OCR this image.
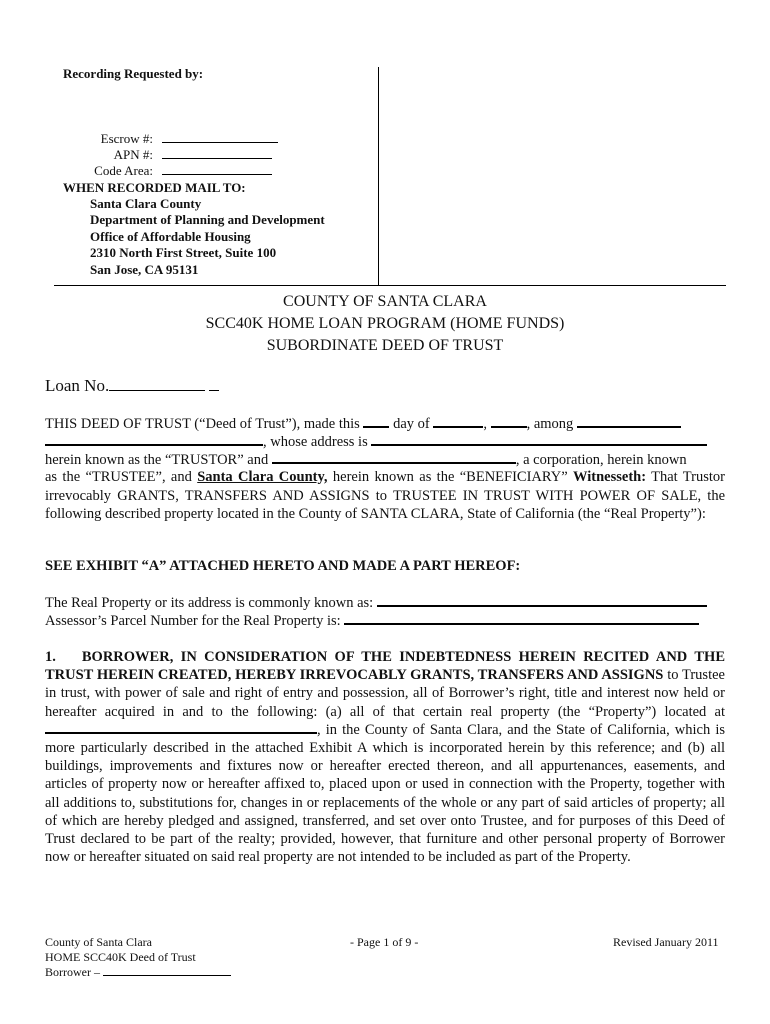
Recording Requested by:
Escrow #:
APN #:
Code Area:
WHEN RECORDED MAIL TO:
Santa Clara County
Department of Planning and Development
Office of Affordable Housing
2310 North First Street, Suite 100
San Jose, CA 95131
COUNTY OF SANTA CLARA
SCC40K HOME LOAN PROGRAM (HOME FUNDS)
SUBORDINATE DEED OF TRUST
Loan No.
THIS DEED OF TRUST (“Deed of Trust”), made this day of	,	, among
, whose address is
herein known as the “TRUSTOR” and	, a corporation, herein known
as the “TRUSTEE”, and Santa Clara County, herein known as the “BENEFICIARY” Witnesseth: That Trustor irrevocably GRANTS, TRANSFERS AND ASSIGNS to TRUSTEE IN TRUST WITH POWER OF SALE, the following described property located in the County of SANTA CLARA, State of California (the “Real Property”):
SEE EXHIBIT “A” ATTACHED HERETO AND MADE A PART HEREOF:
The Real Property or its address is commonly known as:
Assessor’s Parcel Number for the Real Property is:
1. BORROWER, IN CONSIDERATION OF THE INDEBTEDNESS HEREIN RECITED AND THE TRUST HEREIN CREATED, HEREBY IRREVOCABLY GRANTS, TRANSFERS AND ASSIGNS to Trustee in trust, with power of sale and right of entry and possession, all of Borrower’s right, title and interest now held or hereafter acquired in and to the following: (a) all of that certain real property (the “Property”) located at , in the County of Santa Clara, and the State of California, which is more particularly described in the attached Exhibit A which is incorporated herein by this reference; and (b) all buildings, improvements and fixtures now or hereafter erected thereon, and all appurtenances, easements, and articles of property now or hereafter affixed to, placed upon or used in connection with the Property, together with all additions to, substitutions for, changes in or replacements of the whole or any part of said articles of property; all of which are hereby pledged and assigned, transferred, and set over onto Trustee, and for purposes of this Deed of Trust declared to be part of the realty; provided, however, that furniture and other personal property of Borrower now or hereafter situated on said real property are not intended to be included as part of the Property.
County of Santa Clara
HOME SCC40K Deed of Trust
Borrower –
- Page 1 of 9 -	Revised January 2011
